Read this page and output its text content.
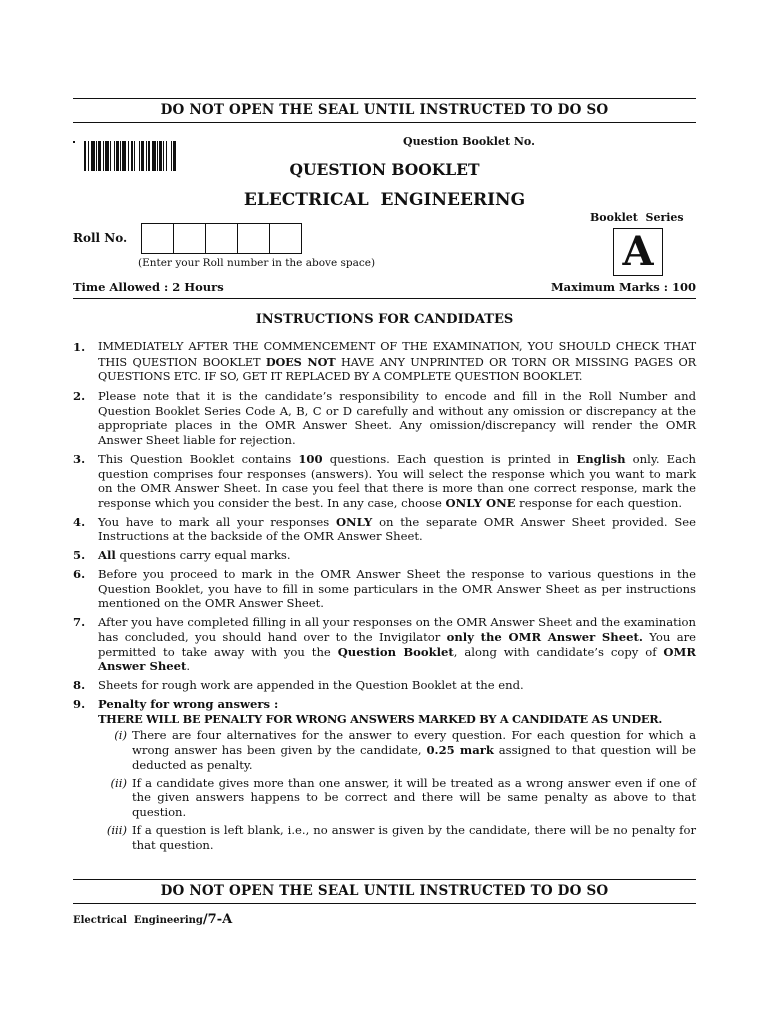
DO NOT OPEN THE SEAL UNTIL INSTRUCTED TO DO SO
Question Booklet No.
QUESTION BOOKLET
ELECTRICAL  ENGINEERING
Booklet  Series
A
Roll No.
(Enter your Roll number in the above space)
Time Allowed : 2 Hours	Maximum Marks : 100
INSTRUCTIONS FOR CANDIDATES
1.	IMMEDIATELY AFTER THE COMMENCEMENT OF THE EXAMINATION, YOU SHOULD CHECK THAT THIS QUESTION BOOKLET DOES NOT HAVE ANY UNPRINTED OR TORN OR MISSING PAGES OR QUESTIONS ETC. IF SO, GET IT REPLACED BY A COMPLETE QUESTION BOOKLET.
2.	Please note that it is the candidate’s responsibility to encode and fill in the Roll Number and Question Booklet Series Code A, B, C or D carefully and without any omission or discrepancy at the appropriate places in the OMR Answer Sheet. Any omission/discrepancy will render the OMR Answer Sheet liable for rejection.
3.	This Question Booklet contains 100 questions. Each question is printed in English only. Each question comprises four responses (answers). You will select the response which you want to mark on the OMR Answer Sheet. In case you feel that there is more than one correct response, mark the response which you consider the best. In any case, choose ONLY ONE response for each question.
4.	You have to mark all your responses ONLY on the separate OMR Answer Sheet provided. See Instructions at the backside of the OMR Answer Sheet.
5.	All questions carry equal marks.
6.	Before you proceed to mark in the OMR Answer Sheet the response to various questions in the Question Booklet, you have to fill in some particulars in the OMR Answer Sheet as per instructions mentioned on the OMR Answer Sheet.
7.	After you have completed filling in all your responses on the OMR Answer Sheet and the examination has concluded, you should hand over to the Invigilator only the OMR Answer Sheet. You are permitted to take away with you the Question Booklet, along with candidate’s copy of OMR Answer Sheet.
8.	Sheets for rough work are appended in the Question Booklet at the end.
9.	Penalty for wrong answers :
THERE WILL BE PENALTY FOR WRONG ANSWERS MARKED BY A CANDIDATE AS UNDER.
(i) There are four alternatives for the answer to every question. For each question for which a wrong answer has been given by the candidate, 0.25 mark assigned to that question will be deducted as penalty.
(ii) If a candidate gives more than one answer, it will be treated as a wrong answer even if one of the given answers happens to be correct and there will be same penalty as above to that question.
(iii) If a question is left blank, i.e., no answer is given by the candidate, there will be no penalty for that question.
DO NOT OPEN THE SEAL UNTIL INSTRUCTED TO DO SO
Electrical  Engineering/7-A
